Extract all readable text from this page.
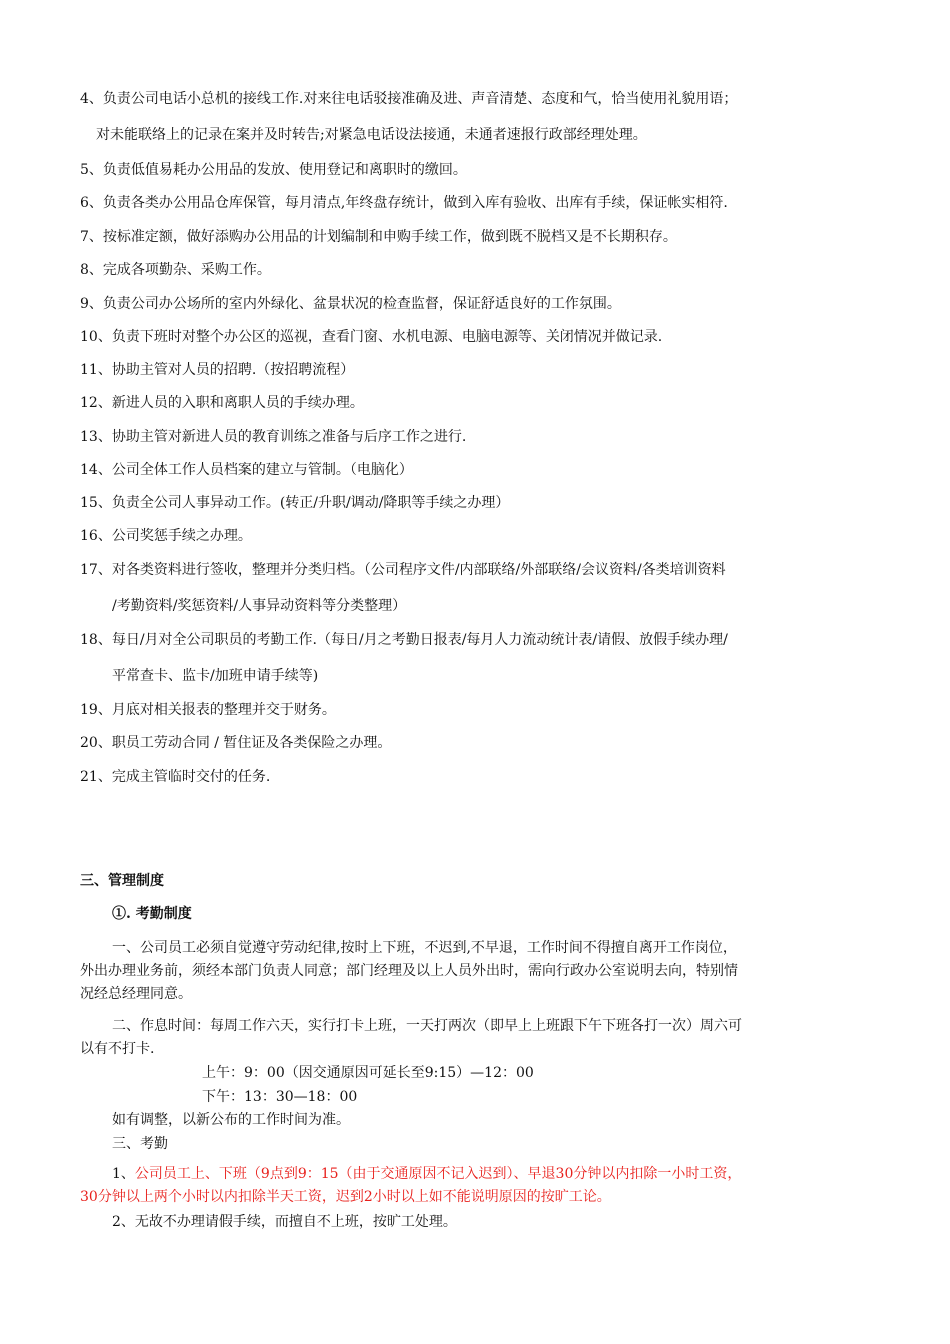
4、负责公司电话小总机的接线工作.对来往电话驳接准确及进、声音清楚、态度和气，恰当使用礼貌用语；
对未能联络上的记录在案并及时转告;对紧急电话设法接通，未通者速报行政部经理处理。
5、负责低值易耗办公用品的发放、使用登记和离职时的缴回。
6、负责各类办公用品仓库保管，每月清点,年终盘存统计，做到入库有验收、出库有手续，保证帐实相符.
7、按标准定额，做好添购办公用品的计划编制和申购手续工作，做到既不脱档又是不长期积存。
8、完成各项勤杂、采购工作。
9、负责公司办公场所的室内外绿化、盆景状况的检查监督，保证舒适良好的工作氛围。
10、负责下班时对整个办公区的巡视，查看门窗、水机电源、电脑电源等、关闭情况并做记录.
11、协助主管对人员的招聘.（按招聘流程）
12、新进人员的入职和离职人员的手续办理。
13、协助主管对新进人员的教育训练之准备与后序工作之进行.
14、公司全体工作人员档案的建立与管制。（电脑化）
15、负责全公司人事异动工作。(转正/升职/调动/降职等手续之办理）
16、公司奖惩手续之办理。
17、对各类资料进行签收，整理并分类归档。（公司程序文件/内部联络/外部联络/会议资料/各类培训资料
/考勤资料/奖惩资料/人事异动资料等分类整理）
18、每日/月对全公司职员的考勤工作.（每日/月之考勤日报表/每月人力流动统计表/请假、放假手续办理/
平常查卡、监卡/加班申请手续等)
19、月底对相关报表的整理并交于财务。
20、职员工劳动合同 / 暂住证及各类保险之办理。
21、完成主管临时交付的任务.
三、管理制度
①. 考勤制度
一、公司员工必须自觉遵守劳动纪律,按时上下班，不迟到,不早退，工作时间不得擅自离开工作岗位，
外出办理业务前，须经本部门负责人同意；部门经理及以上人员外出时，需向行政办公室说明去向，特别情
况经总经理同意。
二、作息时间：每周工作六天，实行打卡上班，一天打两次（即早上上班跟下午下班各打一次）周六可
以有不打卡.
上午：9：00（因交通原因可延长至9:15）—12：00
下午：13：30—18：00
如有调整，以新公布的工作时间为准。
三、考勤
1、公司员工上、下班（9点到9：15（由于交通原因不记入迟到）、早退30分钟以内扣除一小时工资，
30分钟以上两个小时以内扣除半天工资，迟到2小时以上如不能说明原因的按旷工论。
2、无故不办理请假手续，而擅自不上班，按旷工处理。
